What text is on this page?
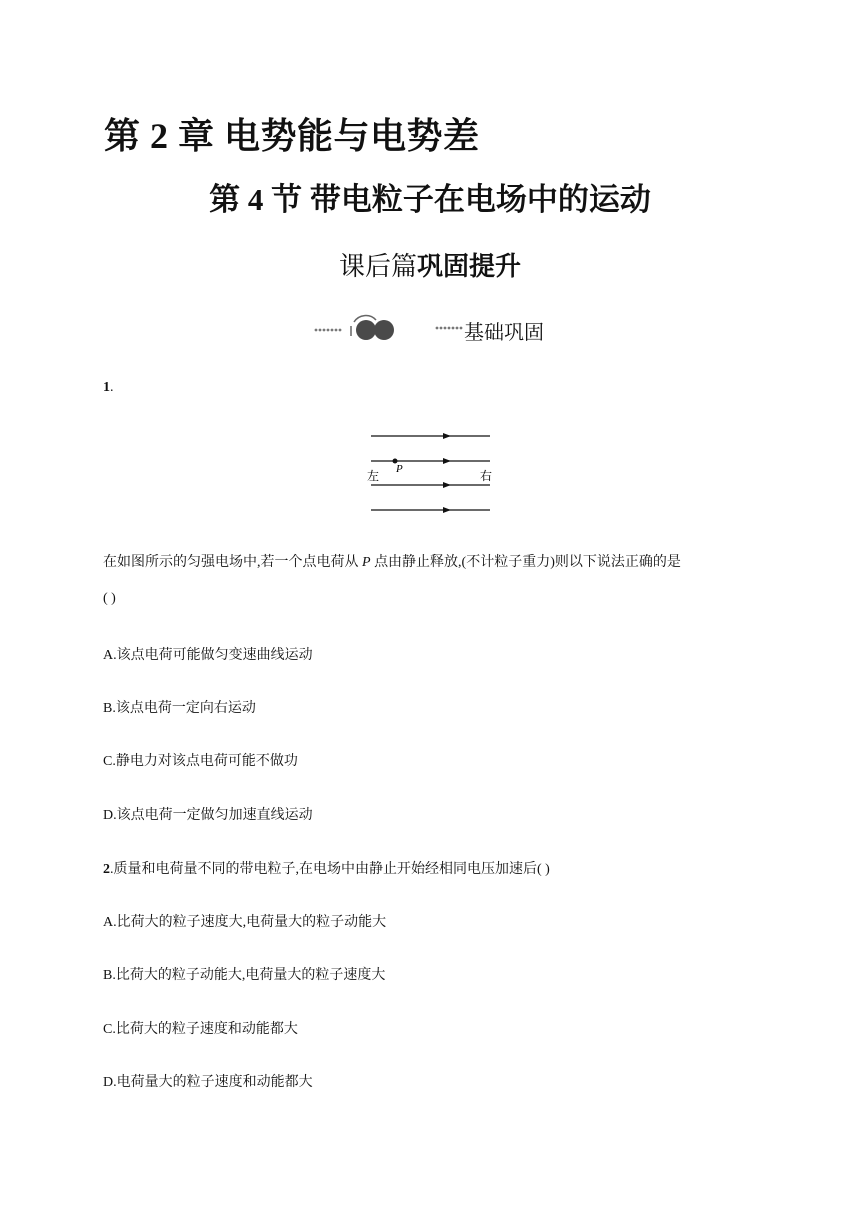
第 2 章 电势能与电势差
第 4 节 带电粒子在电场中的运动
课后篇巩固提升
基础巩固
1.
左	右
P
在如图所示的匀强电场中,若一个点电荷从 P 点由静止释放,(不计粒子重力)则以下说法正确的是
( )
A.该点电荷可能做匀变速曲线运动
B.该点电荷一定向右运动
C.静电力对该点电荷可能不做功
D.该点电荷一定做匀加速直线运动
2.质量和电荷量不同的带电粒子,在电场中由静止开始经相同电压加速后( )
A.比荷大的粒子速度大,电荷量大的粒子动能大
B.比荷大的粒子动能大,电荷量大的粒子速度大
C.比荷大的粒子速度和动能都大
D.电荷量大的粒子速度和动能都大
